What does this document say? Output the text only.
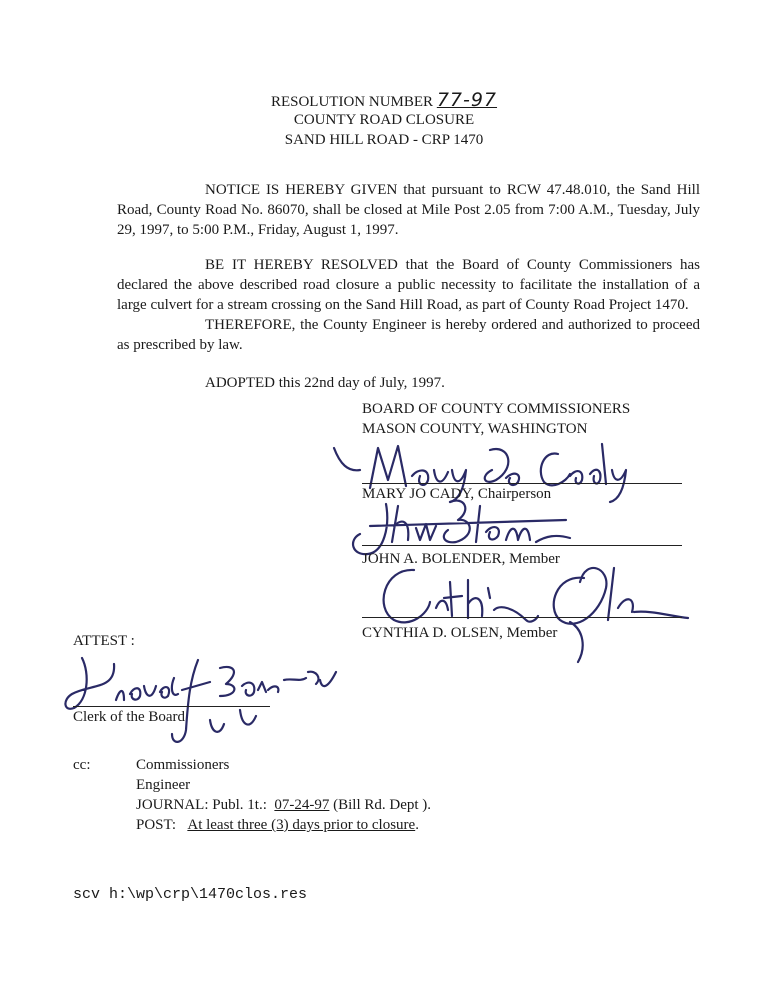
RESOLUTION NUMBER 77-97
COUNTY ROAD CLOSURE
SAND HILL ROAD - CRP 1470

NOTICE IS HEREBY GIVEN that pursuant to RCW 47.48.010, the Sand Hill Road, County Road No. 86070, shall be closed at Mile Post 2.05 from 7:00 A.M., Tuesday, July 29, 1997, to 5:00 P.M., Friday, August 1, 1997.

BE IT HEREBY RESOLVED that the Board of County Commissioners has declared the above described road closure a public necessity to facilitate the installation of a large culvert for a stream crossing on the Sand Hill Road, as part of County Road Project 1470.

THEREFORE, the County Engineer is hereby ordered and authorized to proceed as prescribed by law.

ADOPTED this 22nd day of July, 1997.

BOARD OF COUNTY COMMISSIONERS
MASON COUNTY, WASHINGTON
MARY JO CADY, Chairperson
JOHN A. BOLENDER, Member
CYNTHIA D. OLSEN, Member
ATTEST :
Clerk of the Board
cc:	Commissioners
Engineer
JOURNAL: Publ. 1t.: 07-24-97 (Bill Rd. Dept ).
POST: At least three (3) days prior to closure.
scv h:\wp\crp\1470clos.res
